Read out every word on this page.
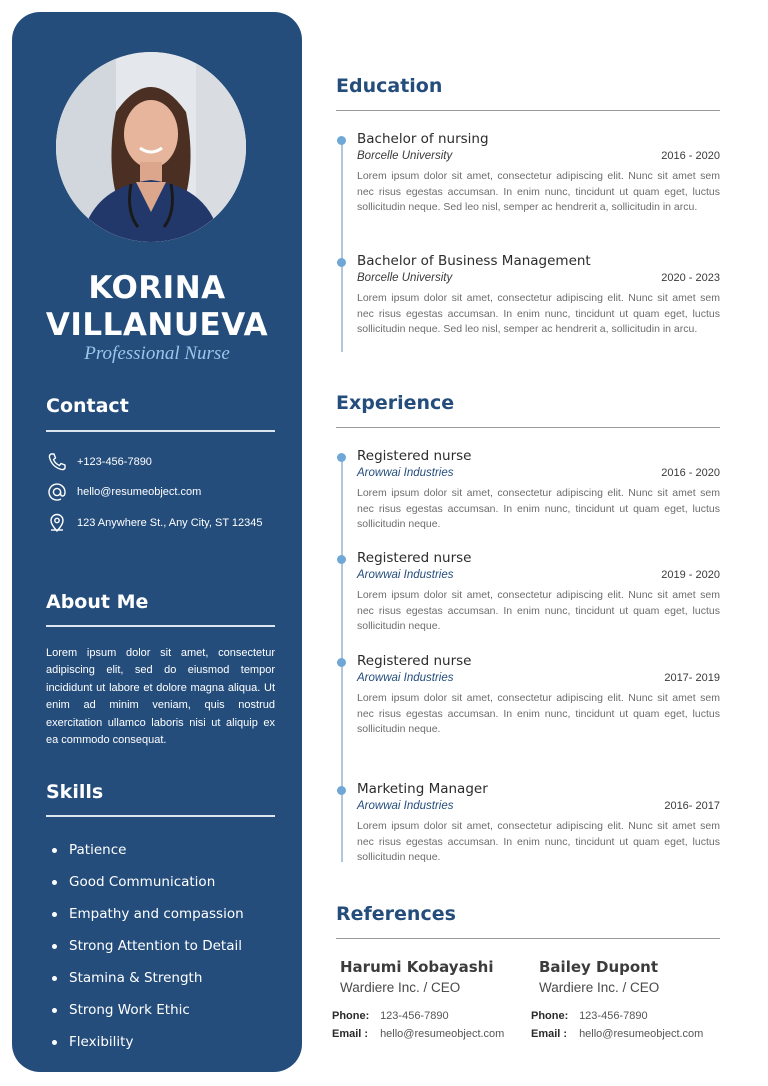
KORINA
VILLANUEVA
Professional Nurse
Contact
+123-456-7890
hello@resumeobject.com
123 Anywhere St., Any City, ST 12345
About Me
Lorem ipsum dolor sit amet, consectetur adipiscing elit, sed do eiusmod tempor incididunt ut labore et dolore magna aliqua. Ut enim ad minim veniam, quis nostrud exercitation ullamco laboris nisi ut aliquip ex ea commodo consequat.
Skills
Patience
Good Communication
Empathy and compassion
Strong Attention to Detail
Stamina & Strength
Strong Work Ethic
Flexibility
Education
Bachelor of nursing
Borcelle University	2016 - 2020
Lorem ipsum dolor sit amet, consectetur adipiscing elit. Nunc sit amet sem nec risus egestas accumsan. In enim nunc, tincidunt ut quam eget, luctus sollicitudin neque. Sed leo nisl, semper ac hendrerit a, sollicitudin in arcu.
Bachelor of Business Management
Borcelle University	2020 - 2023
Lorem ipsum dolor sit amet, consectetur adipiscing elit. Nunc sit amet sem nec risus egestas accumsan. In enim nunc, tincidunt ut quam eget, luctus sollicitudin neque. Sed leo nisl, semper ac hendrerit a, sollicitudin in arcu.
Experience
Registered nurse
Arowwai Industries	2016 - 2020
Lorem ipsum dolor sit amet, consectetur adipiscing elit. Nunc sit amet sem nec risus egestas accumsan. In enim nunc, tincidunt ut quam eget, luctus sollicitudin neque.
Registered nurse
Arowwai Industries	2019 - 2020
Lorem ipsum dolor sit amet, consectetur adipiscing elit. Nunc sit amet sem nec risus egestas accumsan. In enim nunc, tincidunt ut quam eget, luctus sollicitudin neque.
Registered nurse
Arowwai Industries	2017- 2019
Lorem ipsum dolor sit amet, consectetur adipiscing elit. Nunc sit amet sem nec risus egestas accumsan. In enim nunc, tincidunt ut quam eget, luctus sollicitudin neque.
Marketing Manager
Arowwai Industries	2016- 2017
Lorem ipsum dolor sit amet, consectetur adipiscing elit. Nunc sit amet sem nec risus egestas accumsan. In enim nunc, tincidunt ut quam eget, luctus sollicitudin neque.
References
Harumi Kobayashi
Wardiere Inc. / CEO
Phone: 123-456-7890
Email : hello@resumeobject.com
Bailey Dupont
Wardiere Inc. / CEO
Phone: 123-456-7890
Email : hello@resumeobject.com
